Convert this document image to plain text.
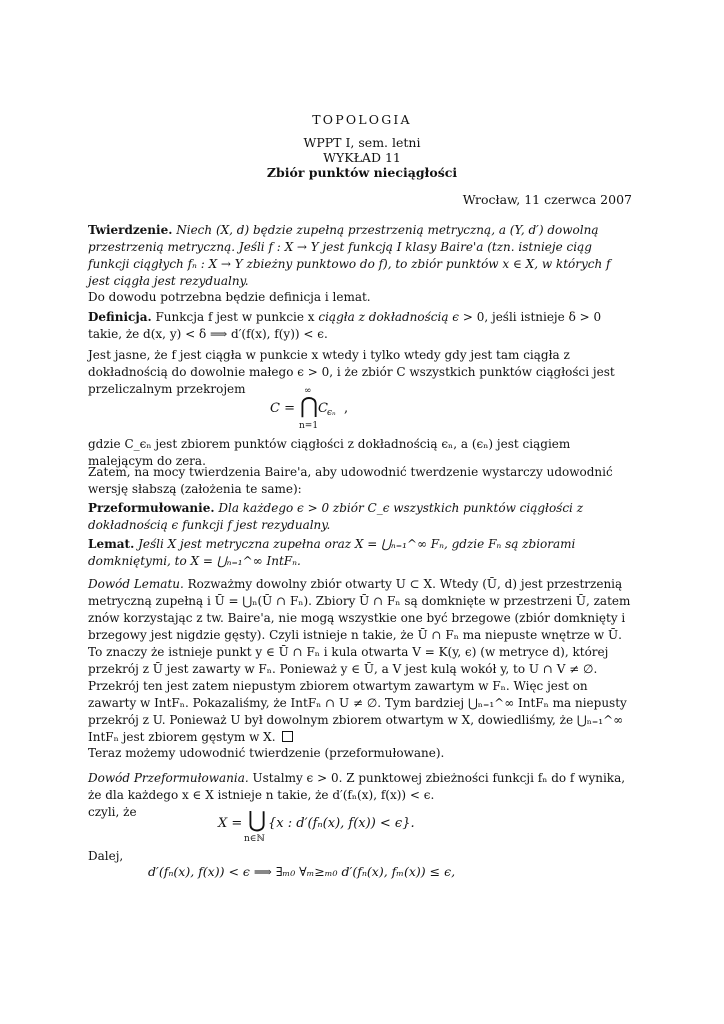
TOPOLOGIA
WPPT I, sem. letni
WYKŁAD 11
Zbiór punktów nieciągłości
Wrocław, 11 czerwca 2007
Twierdzenie. Niech (X, d) będzie zupełną przestrzenią metryczną, a (Y, d′) dowolną przestrzenią metryczną. Jeśli f : X → Y jest funkcją I klasy Baire'a (tzn. istnieje ciąg funkcji ciągłych fₙ : X → Y zbieżny punktowo do f), to zbiór punktów x ∈ X, w których f jest ciągła jest rezydualny.
Do dowodu potrzebna będzie definicja i lemat.
Definicja. Funkcja f jest w punkcie x ciągła z dokładnością ϵ > 0, jeśli istnieje δ > 0 takie, że d(x, y) < δ ⟹ d′(f(x), f(y)) < ϵ.
Jest jasne, że f jest ciągła w punkcie x wtedy i tylko wtedy gdy jest tam ciągła z dokładnością do dowolnie małego ϵ > 0, i że zbiór C wszystkich punktów ciągłości jest przeliczalnym przekrojem
C =
∞
⋂
n=1
C ϵₙ ,
gdzie C_ϵₙ jest zbiorem punktów ciągłości z dokładnością ϵₙ, a (ϵₙ) jest ciągiem malejącym do zera.
Zatem, na mocy twierdzenia Baire'a, aby udowodnić twerdzenie wystarczy udowodnić wersję słabszą (założenia te same):
Przeformułowanie. Dla każdego ϵ > 0 zbiór C_ϵ wszystkich punktów ciągłości z dokładnością ϵ funkcji f jest rezydualny.
Lemat. Jeśli X jest metryczna zupełna oraz X = ⋃ₙ₌₁^∞ Fₙ, gdzie Fₙ są zbiorami domkniętymi, to X = ⋃ₙ₌₁^∞ IntFₙ.
Dowód Lematu. Rozważmy dowolny zbiór otwarty U ⊂ X. Wtedy (Ū, d) jest przestrzenią metryczną zupełną i Ū = ⋃ₙ(Ū ∩ Fₙ). Zbiory Ū ∩ Fₙ są domknięte w przestrzeni Ū, zatem znów korzystając z tw. Baire'a, nie mogą wszystkie one być brzegowe (zbiór domknięty i brzegowy jest nigdzie gęsty). Czyli istnieje n takie, że Ū ∩ Fₙ ma niepuste wnętrze w Ū. To znaczy że istnieje punkt y ∈ Ū ∩ Fₙ i kula otwarta V = K(y, ϵ) (w metryce d), której przekrój z Ū jest zawarty w Fₙ. Ponieważ y ∈ Ū, a V jest kulą wokół y, to U ∩ V ≠ ∅. Przekrój ten jest zatem niepustym zbiorem otwartym zawartym w Fₙ. Więc jest on zawarty w IntFₙ. Pokazaliśmy, że IntFₙ ∩ U ≠ ∅. Tym bardziej ⋃ₙ₌₁^∞ IntFₙ ma niepusty przekrój z U. Ponieważ U był dowolnym zbiorem otwartym w X, dowiedliśmy, że ⋃ₙ₌₁^∞ IntFₙ jest zbiorem gęstym w X.
Teraz możemy udowodnić twierdzenie (przeformułowane).
Dowód Przeformułowania. Ustalmy ϵ > 0. Z punktowej zbieżności funkcji fₙ do f wynika, że dla każdego x ∈ X istnieje n takie, że d′(fₙ(x), f(x)) < ϵ.
czyli, że
X = ⋃
n∈ℕ
{x : d′(fₙ(x), f(x)) < ϵ}.
Dalej,
d′(fₙ(x), f(x)) < ϵ ⟹ ∃ₘ₀ ∀ₘ≥ₘ₀ d′(fₙ(x), fₘ(x)) ≤ ϵ,
